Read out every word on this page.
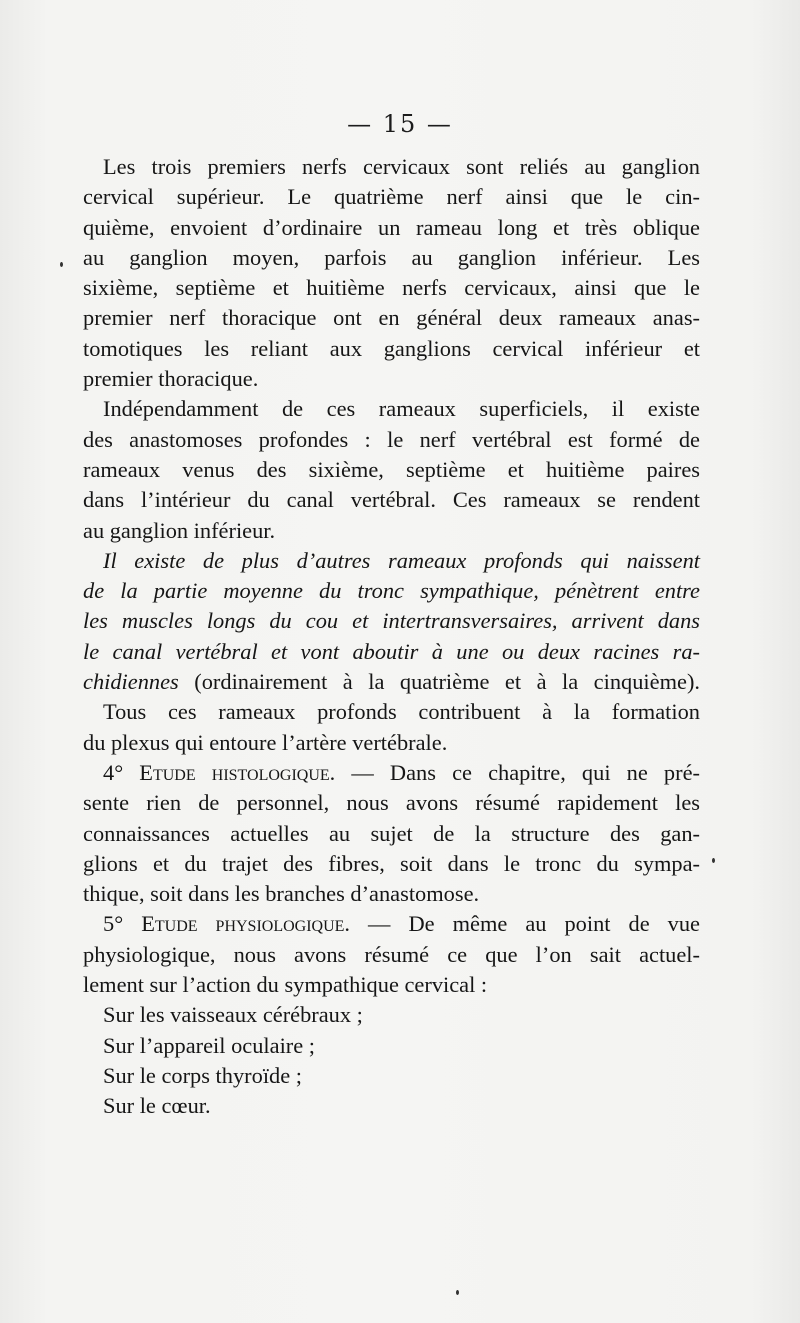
— 15 —
Les trois premiers nerfs cervicaux sont reliés au ganglion
cervical supérieur. Le quatrième nerf ainsi que le cin-
quième, envoient d’ordinaire un rameau long et très oblique
au ganglion moyen, parfois au ganglion inférieur. Les
sixième, septième et huitième nerfs cervicaux, ainsi que le
premier nerf thoracique ont en général deux rameaux anas-
tomotiques les reliant aux ganglions cervical inférieur et
premier thoracique.
Indépendamment de ces rameaux superficiels, il existe
des anastomoses profondes : le nerf vertébral est formé de
rameaux venus des sixième, septième et huitième paires
dans l’intérieur du canal vertébral. Ces rameaux se rendent
au ganglion inférieur.
Il existe de plus d’autres rameaux profonds qui naissent
de la partie moyenne du tronc sympathique, pénètrent entre
les muscles longs du cou et intertransversaires, arrivent dans
le canal vertébral et vont aboutir à une ou deux racines ra-
chidiennes (ordinairement à la quatrième et à la cinquième).
Tous ces rameaux profonds contribuent à la formation
du plexus qui entoure l’artère vertébrale.
4° Etude histologique. — Dans ce chapitre, qui ne pré-
sente rien de personnel, nous avons résumé rapidement les
connaissances actuelles au sujet de la structure des gan-
glions et du trajet des fibres, soit dans le tronc du sympa-
thique, soit dans les branches d’anastomose.
5° Etude physiologique. — De même au point de vue
physiologique, nous avons résumé ce que l’on sait actuel-
lement sur l’action du sympathique cervical :
Sur les vaisseaux cérébraux ;
Sur l’appareil oculaire ;
Sur le corps thyroïde ;
Sur le cœur.
